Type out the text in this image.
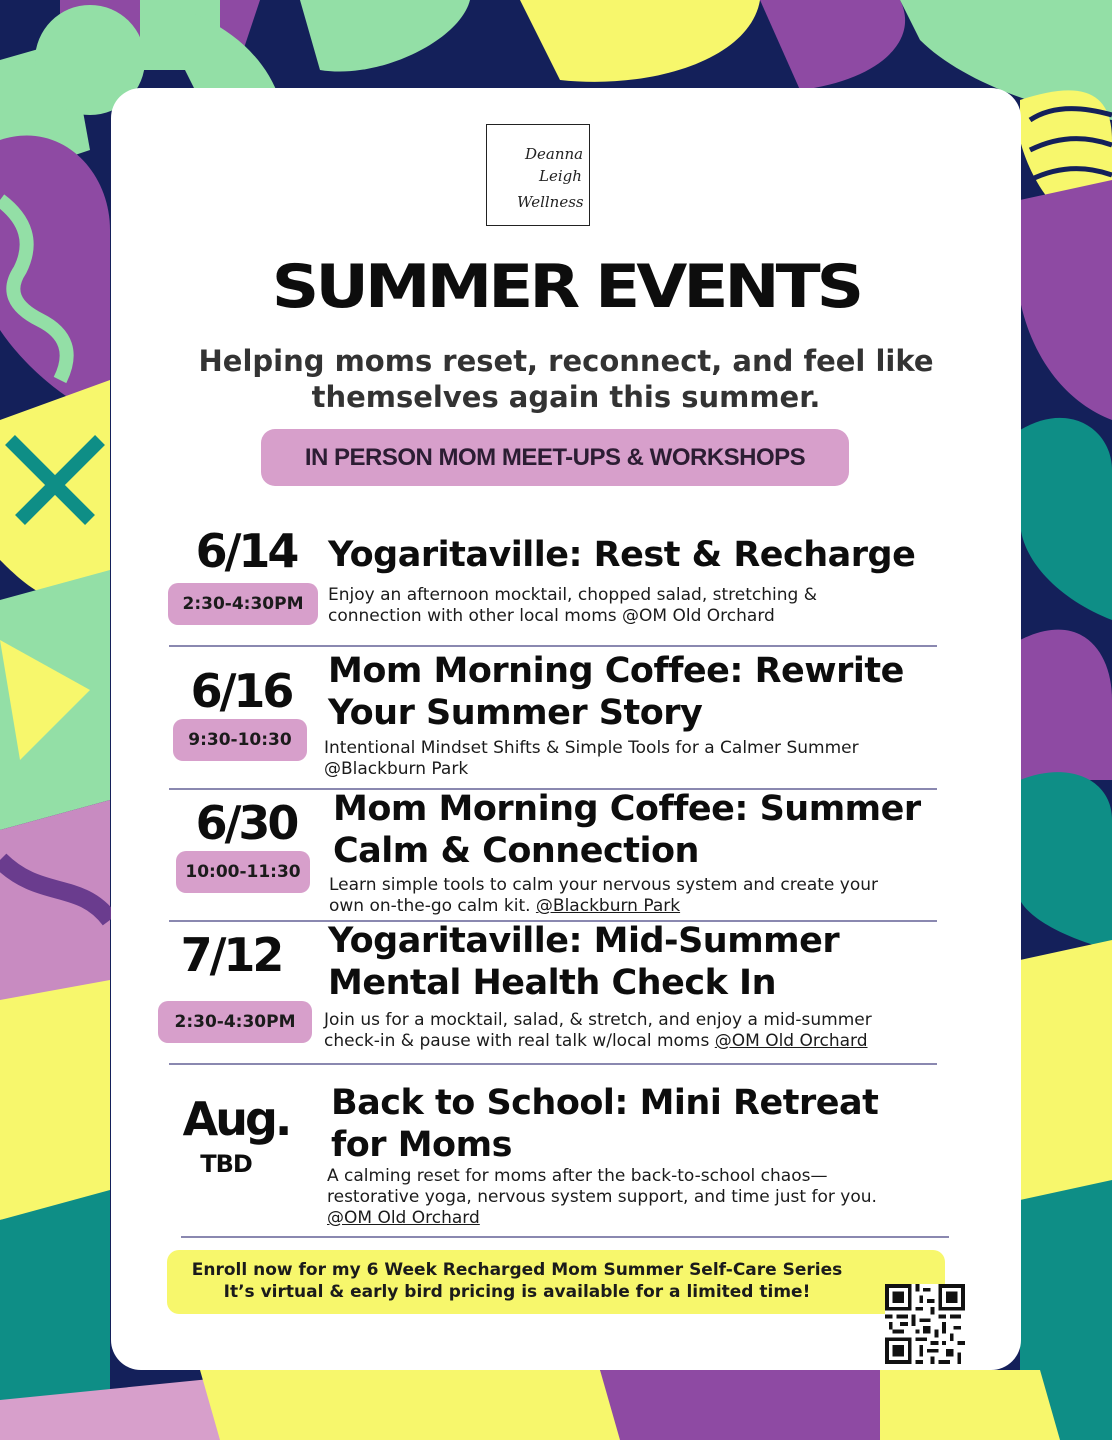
Deanna
Leigh
Wellness
SUMMER EVENTS
Helping moms reset, reconnect, and feel like
themselves again this summer.
IN PERSON MOM MEET-UPS & WORKSHOPS
6/14
2:30-4:30PM
Yogaritaville: Rest & Recharge
Enjoy an afternoon mocktail, chopped salad, stretching &
connection with other local moms @OM Old Orchard
6/16
9:30-10:30
Mom Morning Coffee: Rewrite
Your Summer Story
Intentional Mindset Shifts & Simple Tools for a Calmer Summer
@Blackburn Park
6/30
10:00-11:30
Mom Morning Coffee: Summer
Calm & Connection
Learn simple tools to calm your nervous system and create your
own on-the-go calm kit. @Blackburn Park
7/12
2:30-4:30PM
Yogaritaville: Mid-Summer
Mental Health Check In
Join us for a mocktail, salad, & stretch, and enjoy a mid-summer
check-in & pause with real talk w/local moms @OM Old Orchard
Aug.
TBD
Back to School: Mini Retreat
for Moms
A calming reset for moms after the back-to-school chaos—
restorative yoga, nervous system support, and time just for you.
@OM Old Orchard
Enroll now for my 6 Week Recharged Mom Summer Self-Care Series
It’s virtual & early bird pricing is available for a limited time!
